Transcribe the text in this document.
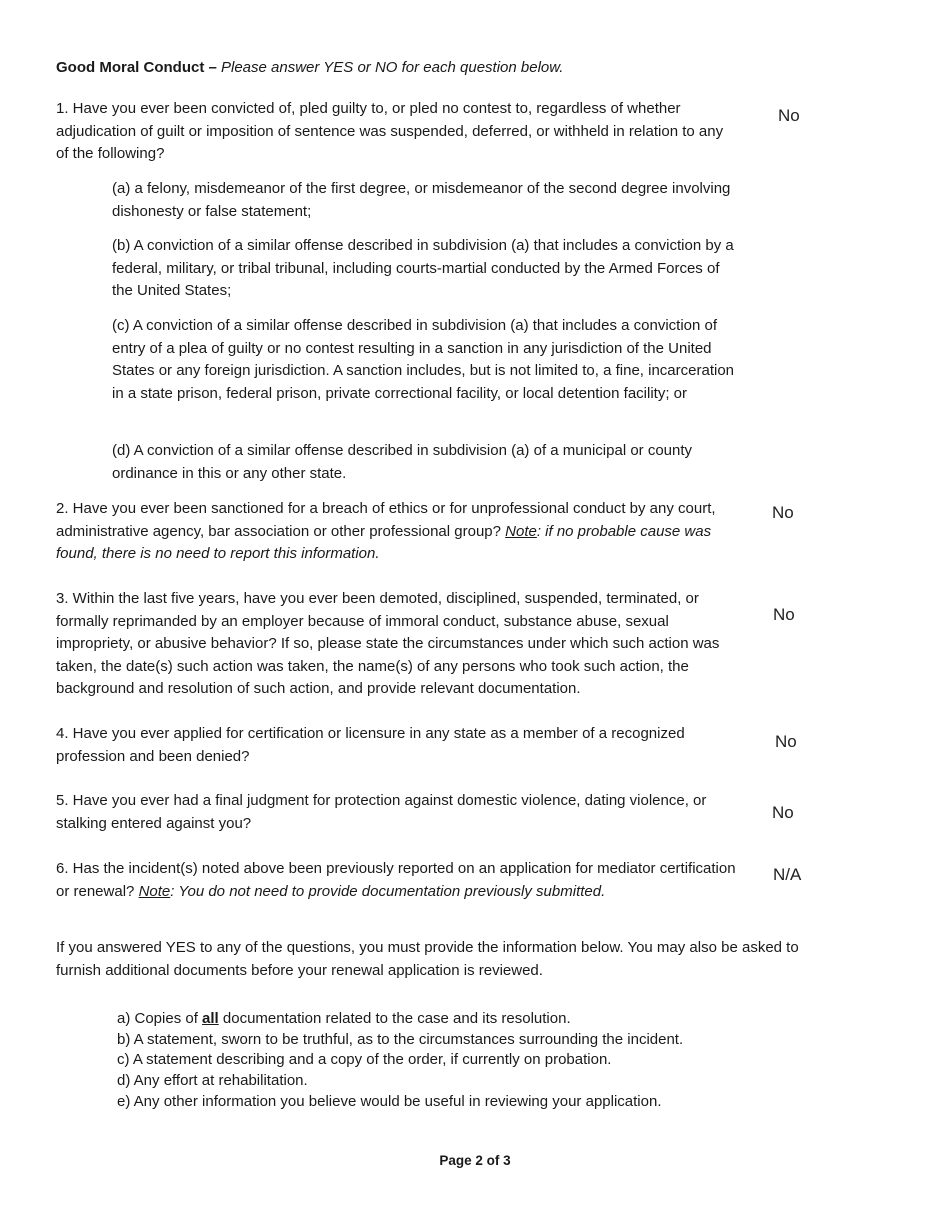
Good Moral Conduct – Please answer YES or NO for each question below.

1. Have you ever been convicted of, pled guilty to, or pled no contest to, regardless of whether adjudication of guilt or imposition of sentence was suspended, deferred, or withheld in relation to any of the following?

No

(a) a felony, misdemeanor of the first degree, or misdemeanor of the second degree involving dishonesty or false statement;

(b) A conviction of a similar offense described in subdivision (a) that includes a conviction by a federal, military, or tribal tribunal, including courts-martial conducted by the Armed Forces of the United States;

(c) A conviction of a similar offense described in subdivision (a) that includes a conviction of entry of a plea of guilty or no contest resulting in a sanction in any jurisdiction of the United States or any foreign jurisdiction. A sanction includes, but is not limited to, a fine, incarceration in a state prison, federal prison, private correctional facility, or local detention facility; or

(d) A conviction of a similar offense described in subdivision (a) of a municipal or county ordinance in this or any other state.

2. Have you ever been sanctioned for a breach of ethics or for unprofessional conduct by any court, administrative agency, bar association or other professional group? Note: if no probable cause was found, there is no need to report this information.

No

3. Within the last five years, have you ever been demoted, disciplined, suspended, terminated, or formally reprimanded by an employer because of immoral conduct, substance abuse, sexual impropriety, or abusive behavior? If so, please state the circumstances under which such action was taken, the date(s) such action was taken, the name(s) of any persons who took such action, the background and resolution of such action, and provide relevant documentation.

No

4. Have you ever applied for certification or licensure in any state as a member of a recognized profession and been denied?

No

5. Have you ever had a final judgment for protection against domestic violence, dating violence, or stalking entered against you?

No

6. Has the incident(s) noted above been previously reported on an application for mediator certification or renewal? Note: You do not need to provide documentation previously submitted.

N/A

If you answered YES to any of the questions, you must provide the information below. You may also be asked to furnish additional documents before your renewal application is reviewed.

a) Copies of all documentation related to the case and its resolution.
b) A statement, sworn to be truthful, as to the circumstances surrounding the incident.
c) A statement describing and a copy of the order, if currently on probation.
d) Any effort at rehabilitation.
e) Any other information you believe would be useful in reviewing your application.
Page 2 of 3
